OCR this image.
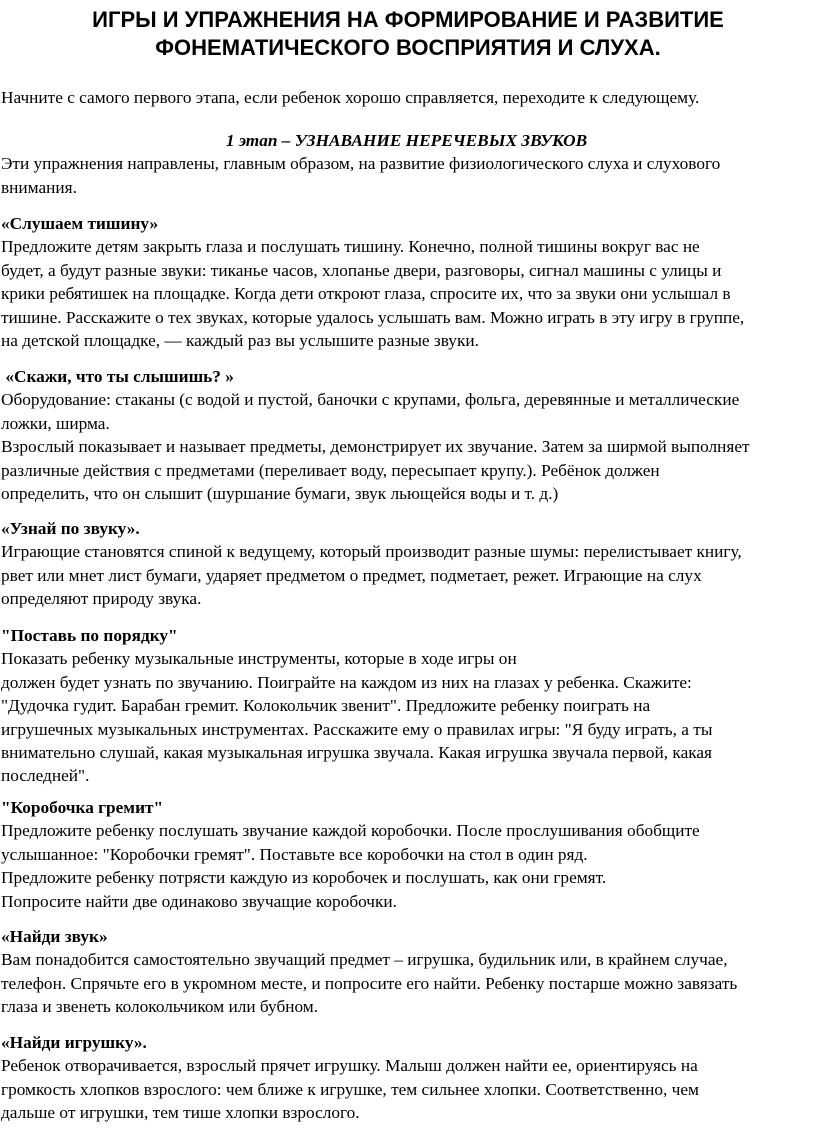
ИГРЫ И УПРАЖНЕНИЯ НА ФОРМИРОВАНИЕ И РАЗВИТИЕ
ФОНЕМАТИЧЕСКОГО ВОСПРИЯТИЯ И СЛУХА.
Начните с самого первого этапа, если ребенок хорошо справляется, переходите к следующему.
1 этап – УЗНАВАНИЕ НЕРЕЧЕВЫХ ЗВУКОВ
Эти упражнения направлены, главным образом, на развитие физиологического слуха и слухового
внимания.
«Слушаем тишину»
Предложите детям закрыть глаза и послушать тишину. Конечно, полной тишины вокруг вас не
будет, а будут разные звуки: тиканье часов, хлопанье двери, разговоры, сигнал машины с улицы и
крики ребятишек на площадке. Когда дети откроют глаза, спросите их, что за звуки они услышал в
тишине. Расскажите о тех звуках, которые удалось услышать вам. Можно играть в эту игру в группе,
на детской площадке, — каждый раз вы услышите разные звуки.
«Скажи, что ты слышишь? »
Оборудование: стаканы (с водой и пустой, баночки с крупами, фольга, деревянные и металлические
ложки, ширма.
Взрослый показывает и называет предметы, демонстрирует их звучание. Затем за ширмой выполняет
различные действия с предметами (переливает воду, пересыпает крупу.). Ребёнок должен
определить, что он слышит (шуршание бумаги, звук льющейся воды и т. д.)
«Узнай по звуку».
Играющие становятся спиной к ведущему, который производит разные шумы: перелистывает книгу,
рвет или мнет лист бумаги, ударяет предметом о предмет, подметает, режет. Играющие на слух
определяют природу звука.
"Поставь по порядку"
Показать ребенку музыкальные инструменты, которые в ходе игры он
должен будет узнать по звучанию. Поиграйте на каждом из них на глазах у ребенка. Скажите:
"Дудочка гудит. Барабан гремит. Колокольчик звенит". Предложите ребенку поиграть на
игрушечных музыкальных инструментах. Расскажите ему о правилах игры: "Я буду играть, а ты
внимательно слушай, какая музыкальная игрушка звучала. Какая игрушка звучала первой, какая
последней".
"Коробочка гремит"
Предложите ребенку послушать звучание каждой коробочки. После прослушивания обобщите
услышанное: "Коробочки гремят". Поставьте все коробочки на стол в один ряд.
Предложите ребенку потрясти каждую из коробочек и послушать, как они гремят.
Попросите найти две одинаково звучащие коробочки.
«Найди звук»
Вам понадобится самостоятельно звучащий предмет – игрушка, будильник или, в крайнем случае,
телефон. Спрячьте его в укромном месте, и попросите его найти. Ребенку постарше можно завязать
глаза и звенеть колокольчиком или бубном.
«Найди игрушку».
Ребенок отворачивается, взрослый прячет игрушку. Малыш должен найти ее, ориентируясь на
громкость хлопков взрослого: чем ближе к игрушке, тем сильнее хлопки. Соответственно, чем
дальше от игрушки, тем тише хлопки взрослого.
